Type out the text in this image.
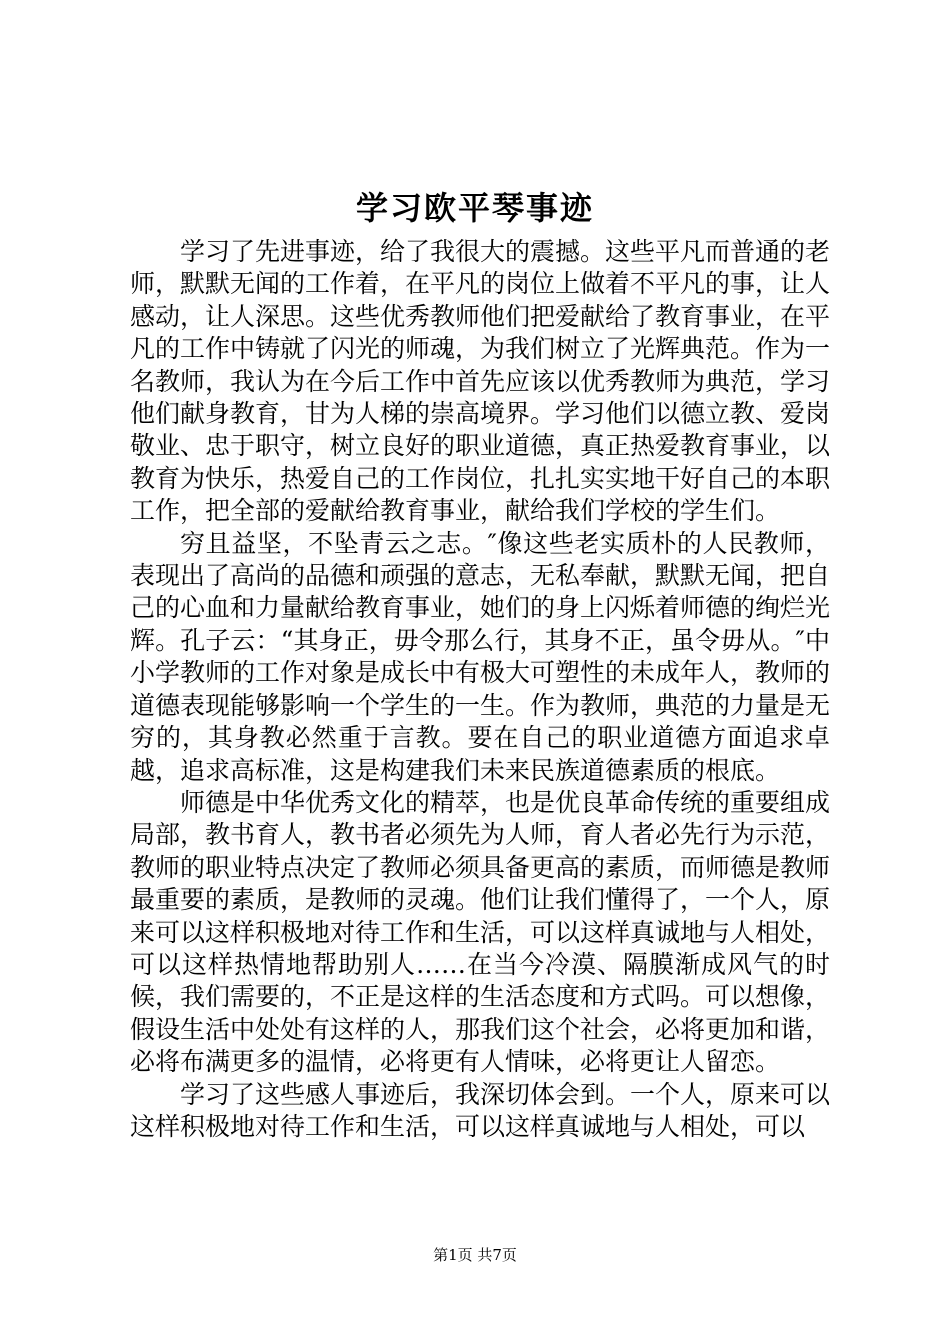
学习欧平琴事迹

学习了先进事迹，给了我很大的震撼。这些平凡而普通的老师，默默无闻的工作着，在平凡的岗位上做着不平凡的事，让人感动，让人深思。这些优秀教师他们把爱献给了教育事业，在平凡的工作中铸就了闪光的师魂，为我们树立了光辉典范。作为一名教师，我认为在今后工作中首先应该以优秀教师为典范，学习他们献身教育，甘为人梯的崇高境界。学习他们以德立教、爱岗敬业、忠于职守，树立良好的职业道德，真正热爱教育事业，以教育为快乐，热爱自己的工作岗位，扎扎实实地干好自己的本职工作，把全部的爱献给教育事业，献给我们学校的学生们。

穷且益坚，不坠青云之志。″像这些老实质朴的人民教师，表现出了高尚的品德和顽强的意志，无私奉献，默默无闻，把自己的心血和力量献给教育事业，她们的身上闪烁着师德的绚烂光辉。孔子云：“其身正，毋令那么行，其身不正，虽令毋从。″中小学教师的工作对象是成长中有极大可塑性的未成年人，教师的道德表现能够影响一个学生的一生。作为教师，典范的力量是无穷的，其身教必然重于言教。要在自己的职业道德方面追求卓越，追求高标准，这是构建我们未来民族道德素质的根底。

师德是中华优秀文化的精萃，也是优良革命传统的重要组成局部，教书育人，教书者必须先为人师，育人者必先行为示范，教师的职业特点决定了教师必须具备更高的素质，而师德是教师最重要的素质，是教师的灵魂。他们让我们懂得了，一个人，原来可以这样积极地对待工作和生活，可以这样真诚地与人相处，可以这样热情地帮助别人……在当今冷漠、隔膜渐成风气的时候，我们需要的，不正是这样的生活态度和方式吗。可以想像，假设生活中处处有这样的人，那我们这个社会，必将更加和谐，必将布满更多的温情，必将更有人情味，必将更让人留恋。

学习了这些感人事迹后，我深切体会到。一个人，原来可以这样积极地对待工作和生活，可以这样真诚地与人相处，可以

第1页 共7页
